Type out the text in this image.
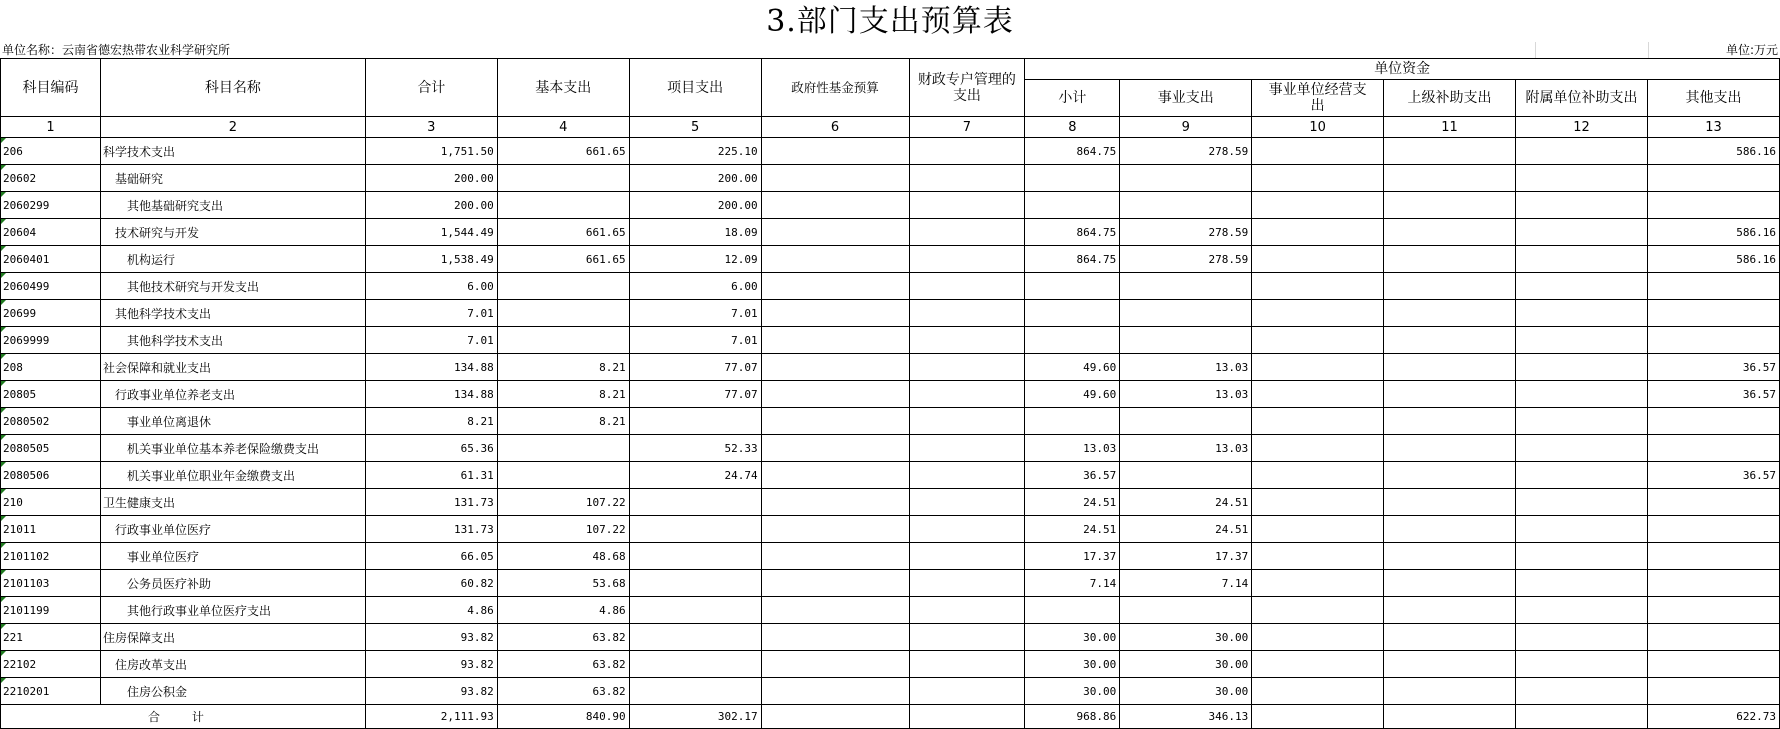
3.部门支出预算表
单位名称：云南省德宏热带农业科学研究所	单位:万元
科目编码	科目名称	合计	基本支出	项目支出	政府性基金预算	财政专户管理的支出	单位资金					
							小计	事业支出	事业单位经营支出	上级补助支出	附属单位补助支出	其他支出
1	2	3	4	5	6	7	8	9	10	11	12	13
206	科学技术支出	1,751.50	661.65	225.10			864.75	278.59				586.16
20602	基础研究	200.00		200.00								
2060299	其他基础研究支出	200.00		200.00								
20604	技术研究与开发	1,544.49	661.65	18.09			864.75	278.59				586.16
2060401	机构运行	1,538.49	661.65	12.09			864.75	278.59				586.16
2060499	其他技术研究与开发支出	6.00		6.00								
20699	其他科学技术支出	7.01		7.01								
2069999	其他科学技术支出	7.01		7.01								
208	社会保障和就业支出	134.88	8.21	77.07			49.60	13.03				36.57
20805	行政事业单位养老支出	134.88	8.21	77.07			49.60	13.03				36.57
2080502	事业单位离退休	8.21	8.21									
2080505	机关事业单位基本养老保险缴费支出	65.36		52.33			13.03	13.03				
2080506	机关事业单位职业年金缴费支出	61.31		24.74			36.57					36.57
210	卫生健康支出	131.73	107.22				24.51	24.51				
21011	行政事业单位医疗	131.73	107.22				24.51	24.51				
2101102	事业单位医疗	66.05	48.68				17.37	17.37				
2101103	公务员医疗补助	60.82	53.68				7.14	7.14				
2101199	其他行政事业单位医疗支出	4.86	4.86									
221	住房保障支出	93.82	63.82				30.00	30.00				
22102	住房改革支出	93.82	63.82				30.00	30.00				
2210201	住房公积金	93.82	63.82				30.00	30.00				
合 计		2,111.93	840.90	302.17			968.86	346.13				622.73
